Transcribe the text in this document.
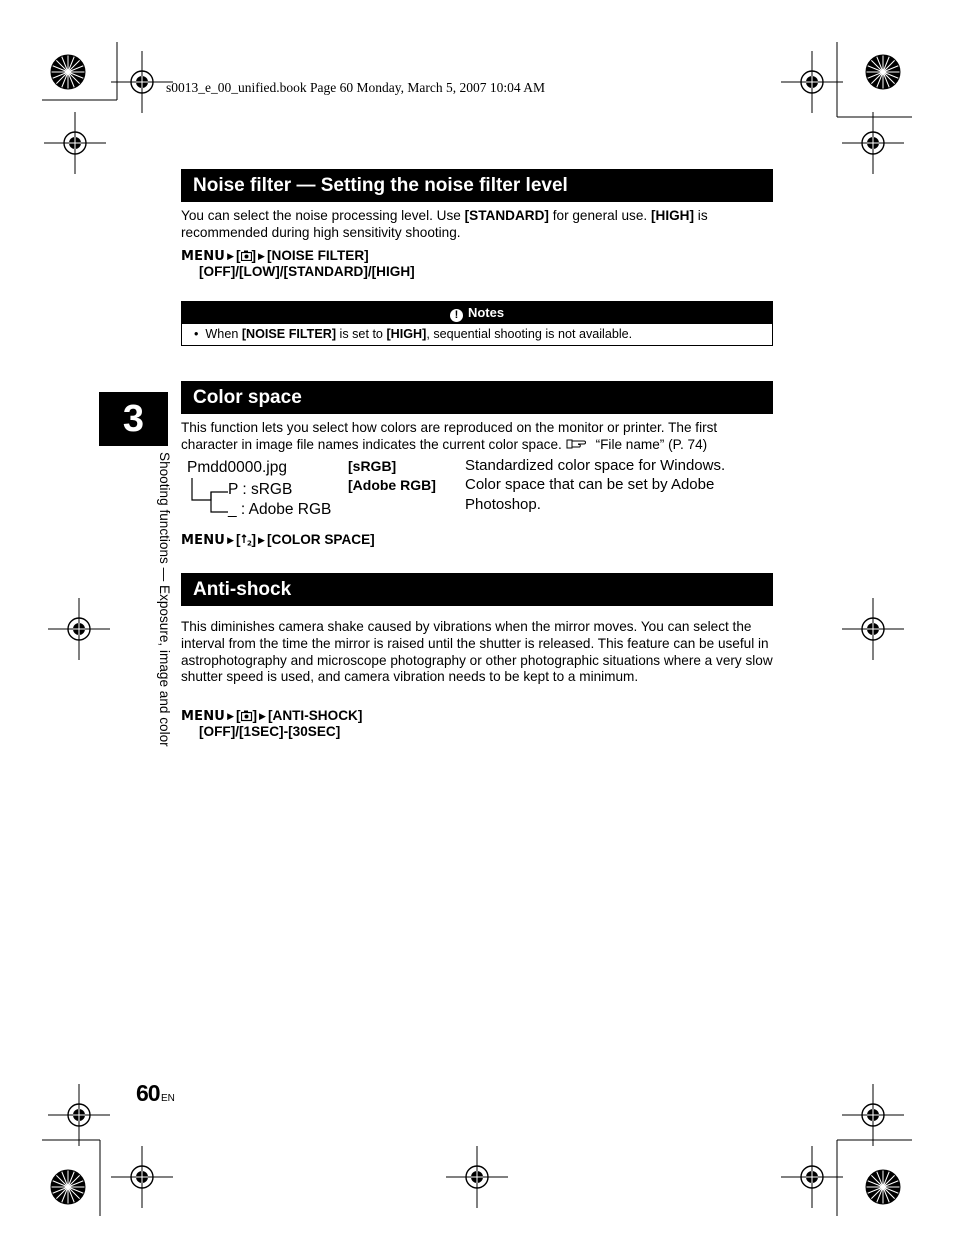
s0013_e_00_unified.book Page 60 Monday, March 5, 2007 10:04 AM
3
Shooting functions — Exposure, image and color
Noise filter — Setting the noise filter level
You can select the noise processing level. Use [STANDARD] for general use. [HIGH] is recommended during high sensitivity shooting.
MENU ▶ [ ] ▶ [NOISE FILTER]
[OFF]/[LOW]/[STANDARD]/[HIGH]
! Notes
• When [NOISE FILTER] is set to [HIGH], sequential shooting is not available.
Color space
This function lets you select how colors are reproduced on the monitor or printer. The first character in image file names indicates the current color space. “File name” (P. 74)
Pmdd0000.jpg
P : sRGB
_ : Adobe RGB
[sRGB]	Standardized color space for Windows.
[Adobe RGB] Color space that can be set by Adobe Photoshop.
MENU ▶ [ 2 ] ▶ [COLOR SPACE]
Anti-shock
This diminishes camera shake caused by vibrations when the mirror moves. You can select the interval from the time the mirror is raised until the shutter is released. This feature can be useful in astrophotography and microscope photography or other photographic situations where a very slow shutter speed is used, and camera vibration needs to be kept to a minimum.
MENU ▶ [ ] ▶ [ANTI-SHOCK]
[OFF]/[1SEC]-[30SEC]
60 EN
